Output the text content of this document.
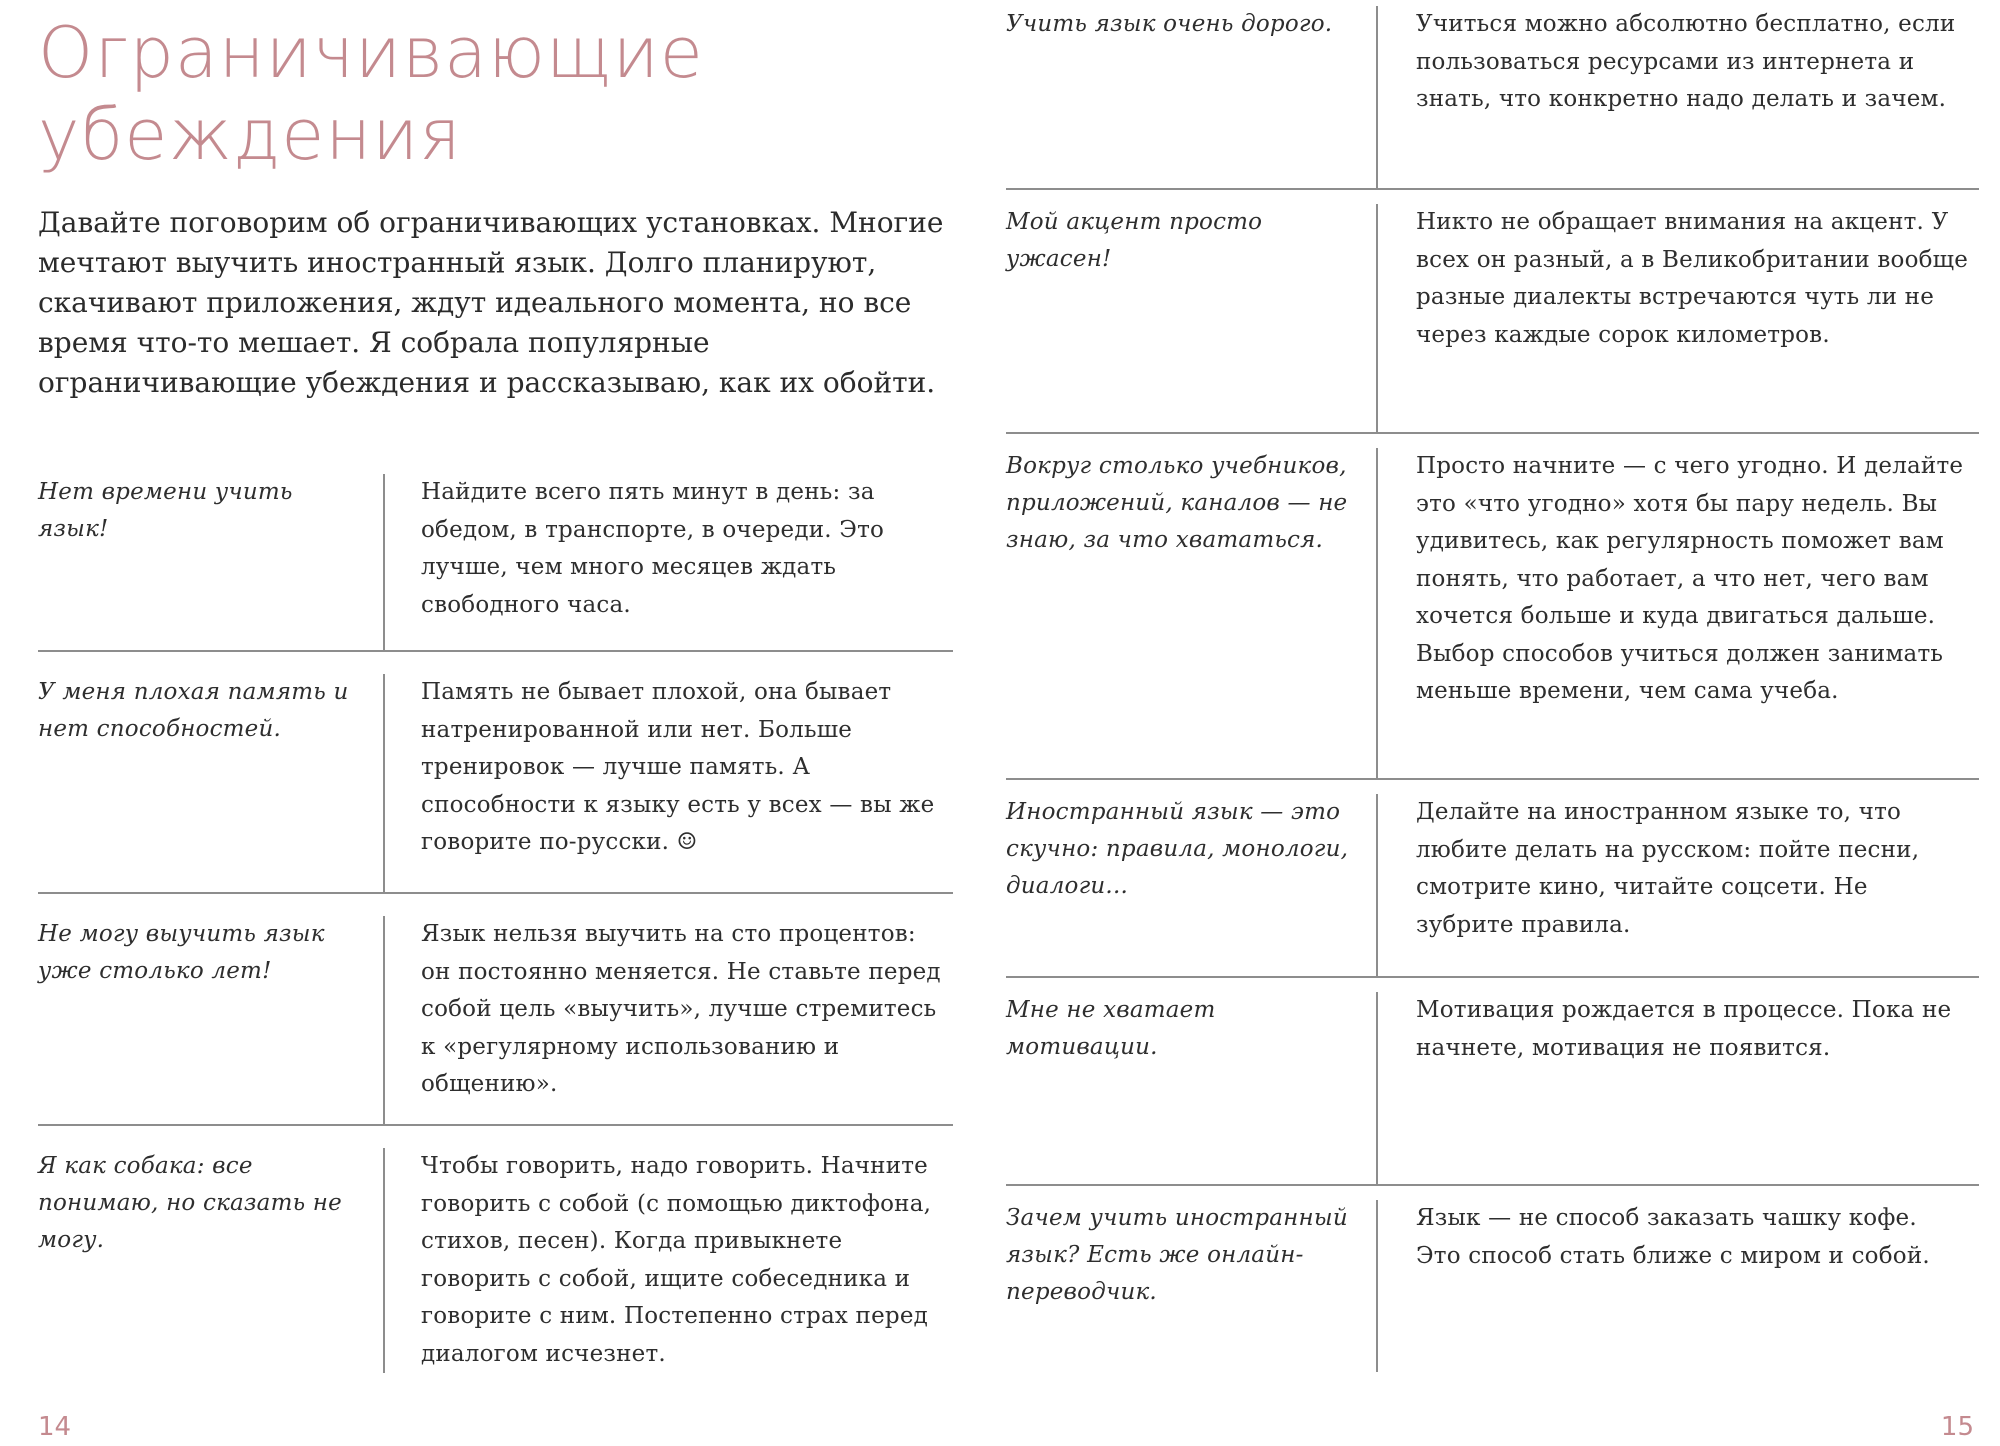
Ограничивающие убеждения

Давайте поговорим об ограничивающих установках. Многие мечтают выучить иностранный язык. Долго планируют, скачивают приложения, ждут идеального момента, но все время что-то мешает. Я собрала популярные ограничивающие убеждения и рассказываю, как их обойти.

Нет времени учить язык!
Найдите всего пять минут в день: за обедом, в транспорте, в очереди. Это лучше, чем много месяцев ждать свободного часа.
У меня плохая память и нет способностей.
Память не бывает плохой, она бывает натренированной или нет. Больше тренировок — лучше память. А способности к языку есть у всех — вы же говорите по-русски. ☺
Не могу выучить язык уже столько лет!
Язык нельзя выучить на сто процентов: он постоянно меняется. Не ставьте перед собой цель «выучить», лучше стремитесь к «регулярному использованию и общению».
Я как собака: все понимаю, но сказать не могу.
Чтобы говорить, надо говорить. Начните говорить с собой (с помощью диктофона, стихов, песен). Когда привыкнете говорить с собой, ищите собеседника и говорите с ним. Постепенно страх перед диалогом исчезнет.

14

Учить язык очень дорого.	Учиться можно абсолютно бесплатно, если пользоваться ресурсами из интернета и знать, что конкретно надо делать и зачем.
Мой акцент просто ужасен!
Никто не обращает внимания на акцент. У всех он разный, а в Великобритании вообще разные диалекты встречаются чуть ли не через каждые сорок километров.
Вокруг столько учебников, приложений, каналов — не знаю, за что хвататься.
Просто начните — с чего угодно. И делайте это «что угодно» хотя бы пару недель. Вы удивитесь, как регулярность поможет вам понять, что работает, а что нет, чего вам хочется больше и куда двигаться дальше. Выбор способов учиться должен занимать меньше времени, чем сама учеба.
Иностранный язык — это скучно: правила, монологи, диалоги...
Делайте на иностранном языке то, что любите делать на русском: пойте песни, смотрите кино, читайте соцсети. Не зубрите правила.
Мне не хватает мотивации.
Мотивация рождается в процессе. Пока не начнете, мотивация не появится.
Зачем учить иностранный язык? Есть же онлайн-переводчик.
Язык — не способ заказать чашку кофе. Это способ стать ближе с миром и собой.

15
